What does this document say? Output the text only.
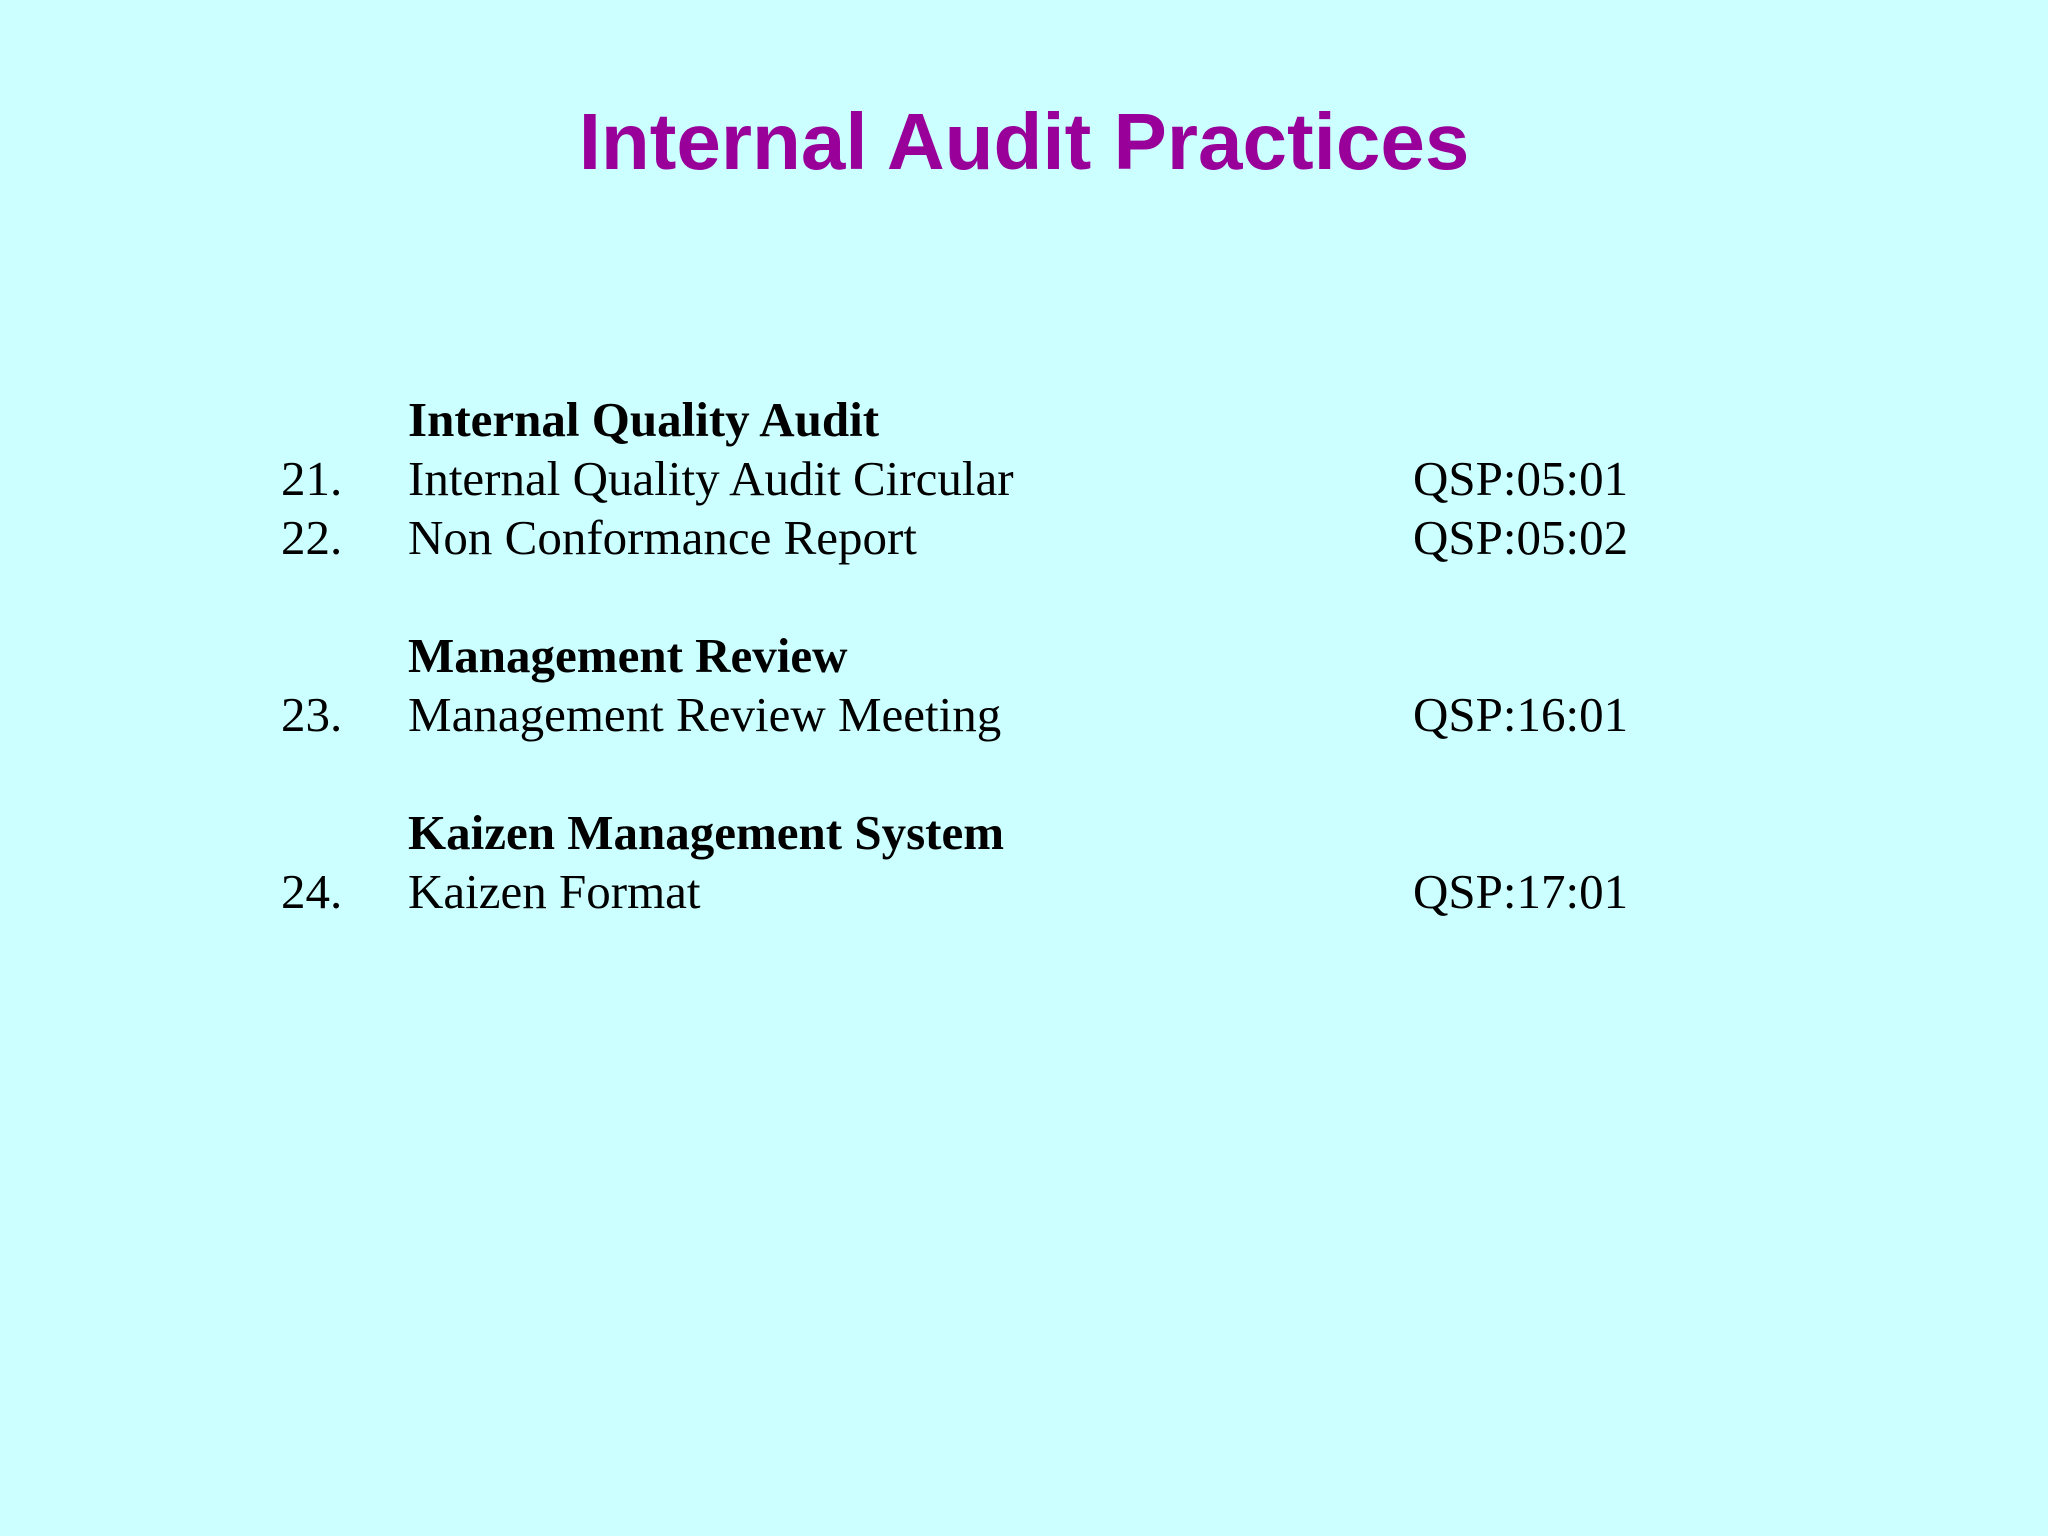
Internal Audit Practices
Internal Quality Audit
21. Internal Quality Audit Circular	QSP:05:01
22. Non Conformance Report	QSP:05:02
Management Review
23. Management Review Meeting	QSP:16:01
Kaizen Management System
24. Kaizen Format	QSP:17:01
